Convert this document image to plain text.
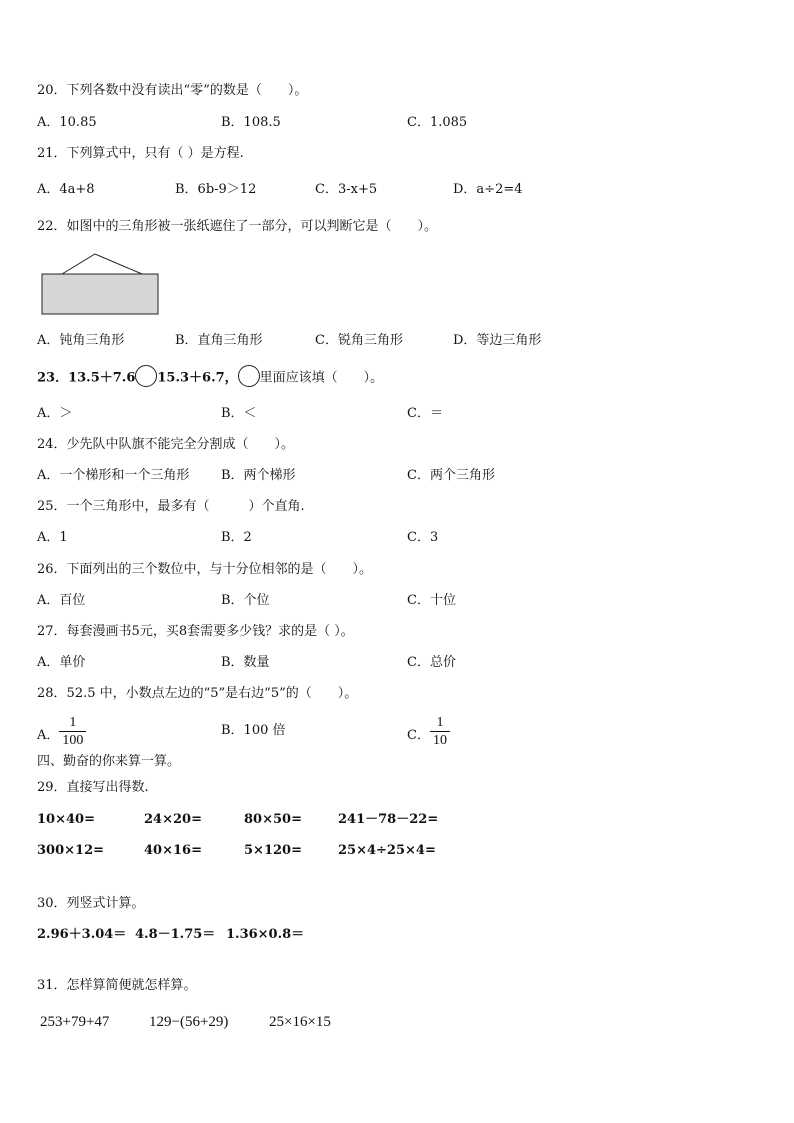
20．下列各数中没有读出“零”的数是（　　）。
A．10.85	B．108.5	C．1.085
21．下列算式中，只有（ ）是方程.
A．4a+8	B．6b-9＞12	C．3-x+5	D．a÷2=4
22．如图中的三角形被一张纸遮住了一部分，可以判断它是（　　）。
A．钝角三角形	B．直角三角形	C．锐角三角形	D．等边三角形
23．13.5＋7.6 15.3＋6.7， 里面应该填（　　）。
A．＞	B．＜	C．＝
24．少先队中队旗不能完全分割成（　　）。
A．一个梯形和一个三角形 B．两个梯形	C．两个三角形
25．一个三角形中，最多有（　　　）个直角.
A．1	B．2	C．3
26．下面列出的三个数位中，与十分位相邻的是（　　）。
A．百位	B．个位	C．十位
27．每套漫画书5元，买8套需要多少钱？求的是（ ）。
A．单价	B．数量	C．总价
28．52.5 中，小数点左边的“5”是右边“5”的（　　）。
A． $\frac{1}{100}$	B．100 倍	C． $\frac{1}{10}$
四、勤奋的你来算一算。
29．直接写出得数.
10×40=	24×20=	80×50=	241－78－22=
300×12=	40×16=	5×120=	25×4÷25×4=
30．列竖式计算。
2.96＋3.04＝ 4.8－1.75＝ 1.36×0.8＝
31．怎样算简便就怎样算。
253+79+47	129−(56+29)	25×16×15
